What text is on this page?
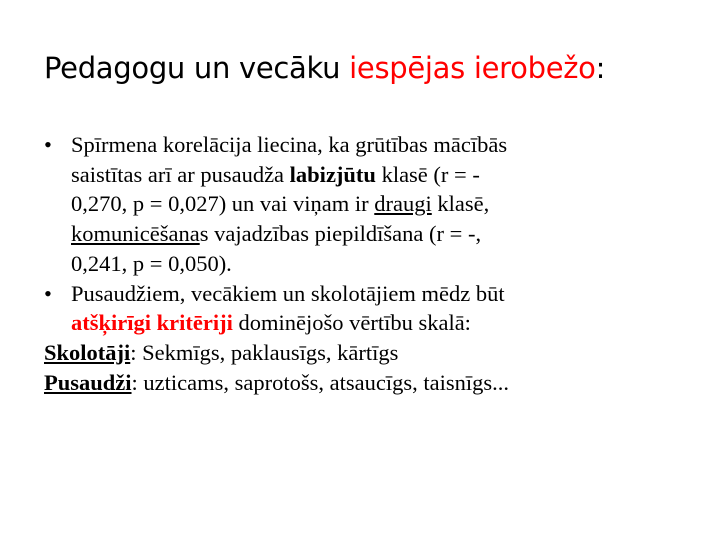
Pedagogu un vecāku iespējas ierobežo:
• Spīrmena korelācija liecina, ka grūtības mācībās
saistītas arī ar pusaudža labizjūtu klasē (r = -
0,270, p = 0,027) un vai viņam ir draugi klasē,
komunicēšanas vajadzības piepildīšana (r = -,
0,241, p = 0,050).
• Pusaudžiem, vecākiem un skolotājiem mēdz būt
atšķirīgi kritēriji dominējošo vērtību skalā:
Skolotāji: Sekmīgs, paklausīgs, kārtīgs
Pusaudži: uzticams, saprotošs, atsaucīgs, taisnīgs...
